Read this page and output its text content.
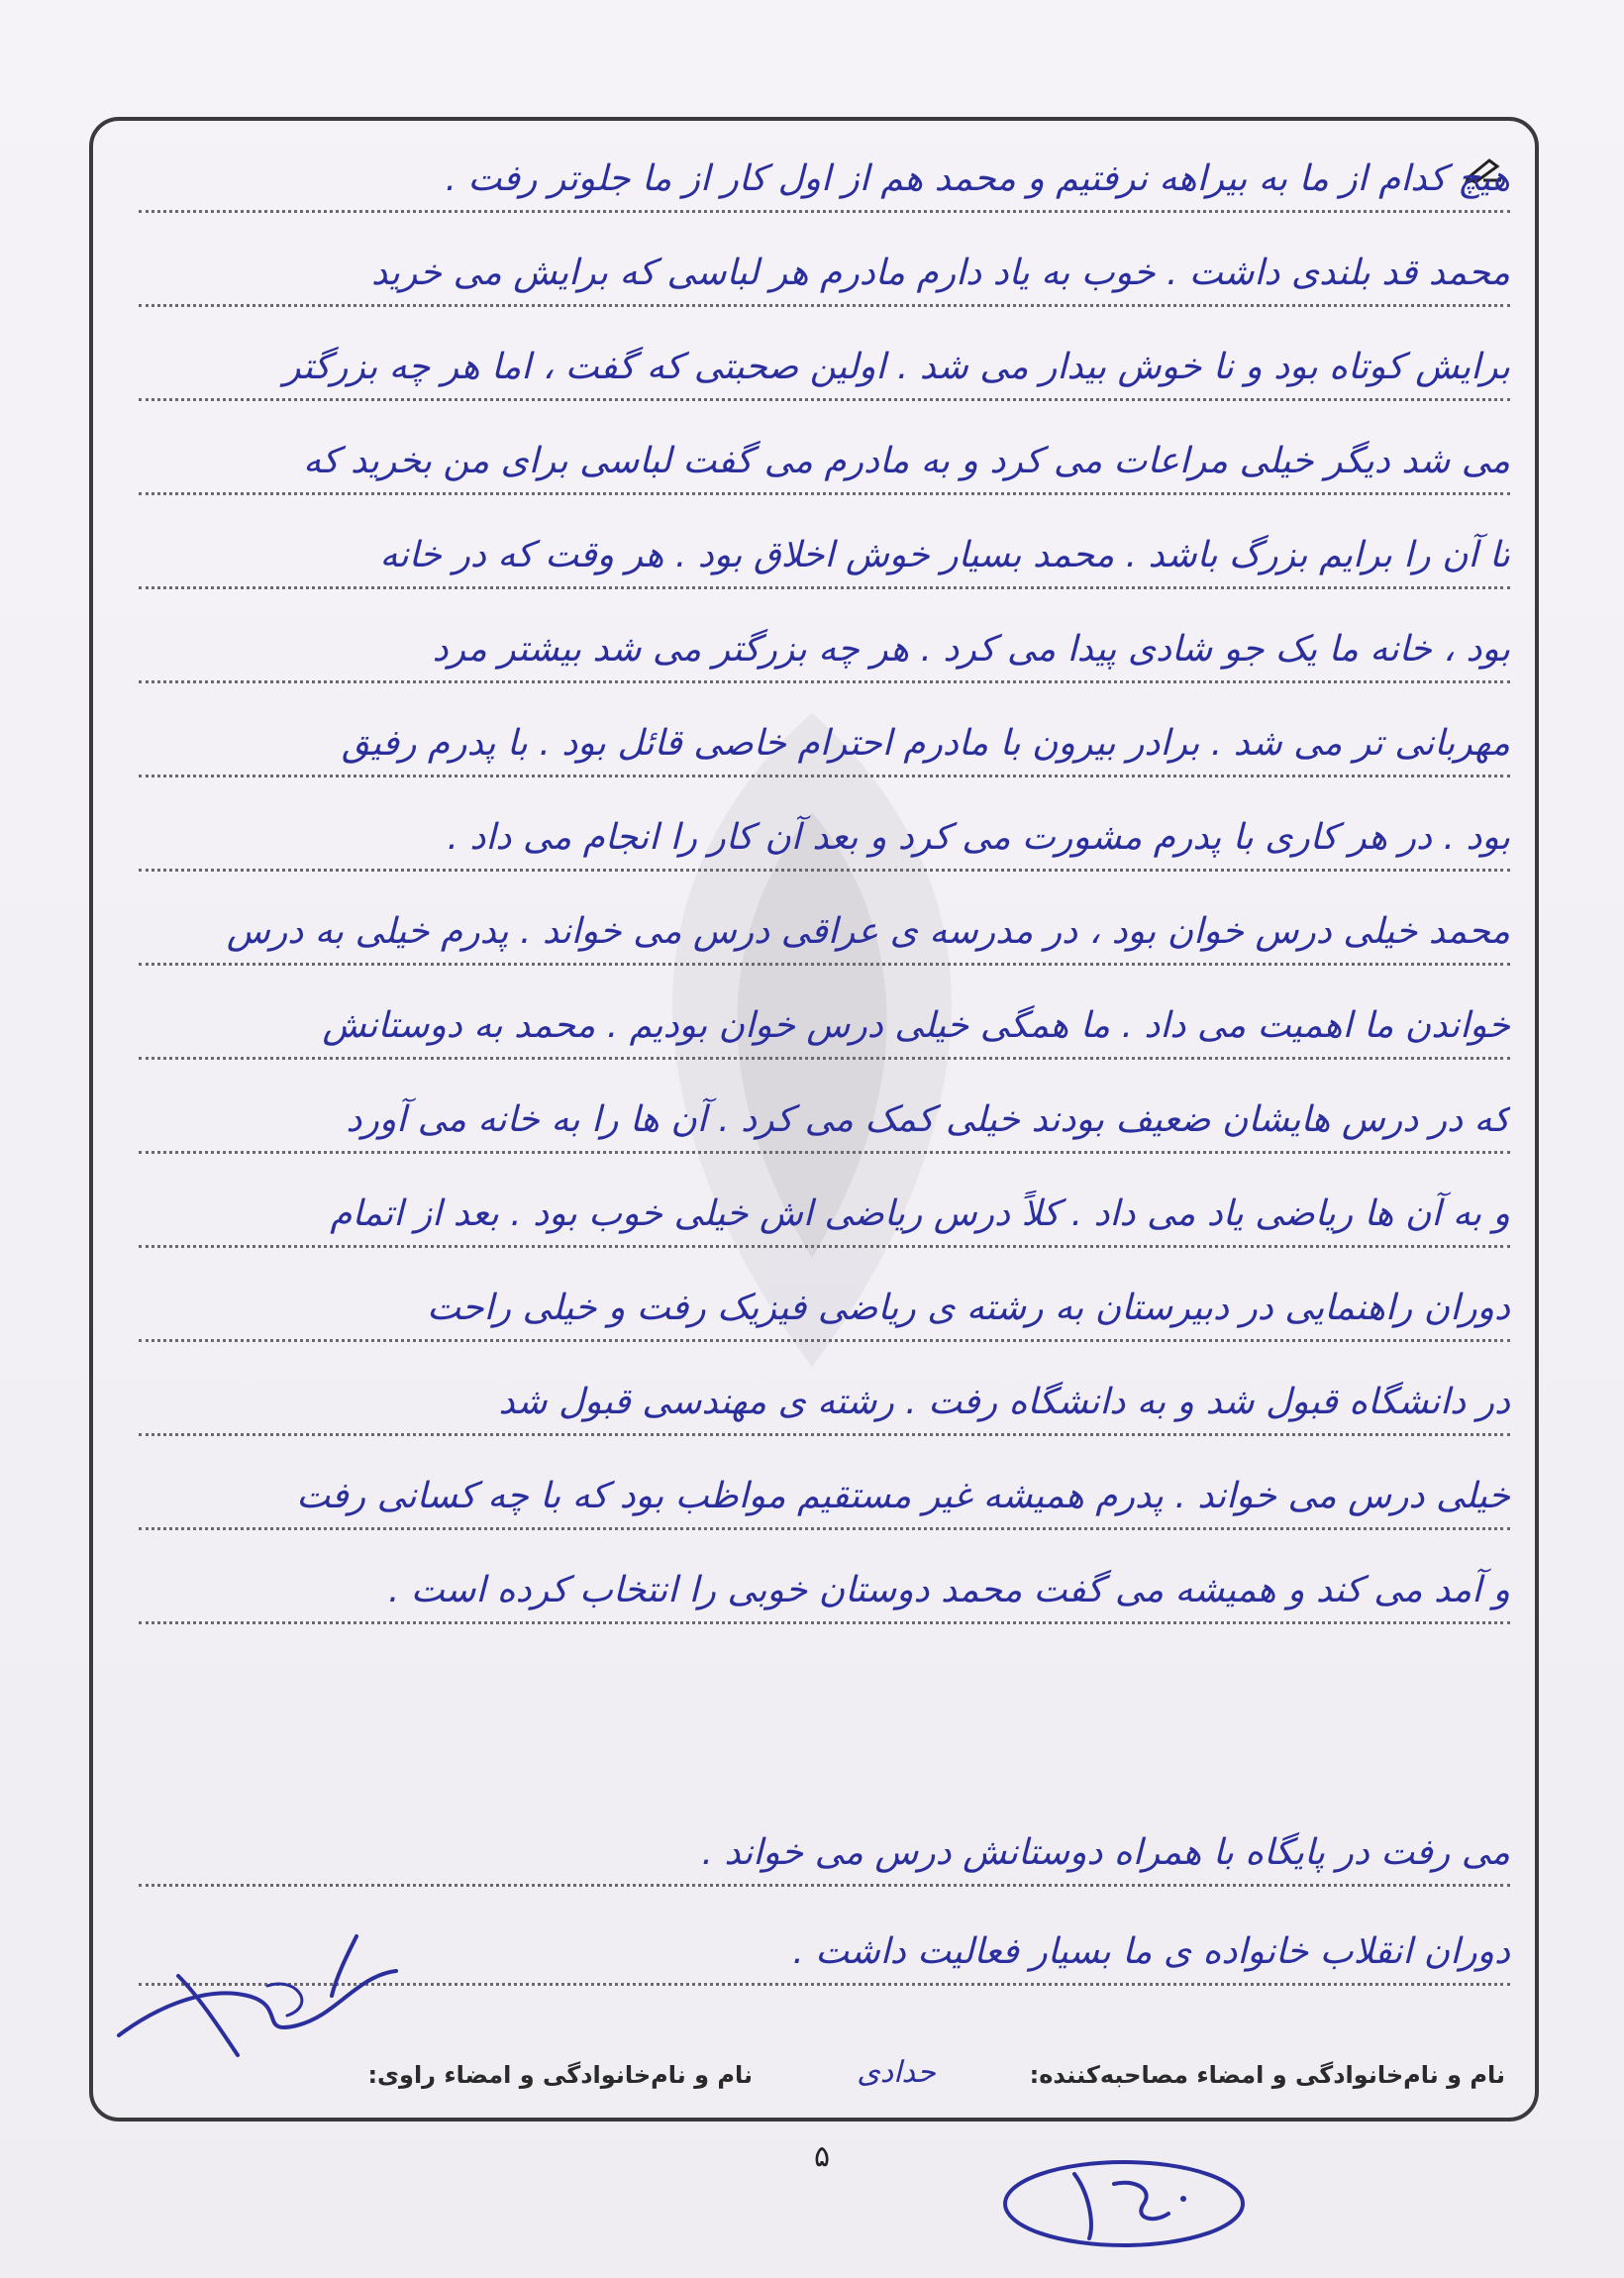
هیچ کدام از ما به بیراهه نرفتیم و محمد هم از اول کار از ما جلوتر رفت .
محمد قد بلندی داشت . خوب به یاد دارم مادرم هر لباسی که برایش می خرید
برایش کوتاه بود و نا خوش بیدار می شد . اولین صحبتی که گفت ، اما هر چه بزرگتر
می شد دیگر خیلی مراعات می کرد و به مادرم می گفت لباسی برای من بخرید که
تا آن را برایم بزرگ باشد . محمد بسیار خوش اخلاق بود . هر وقت که در خانه
بود ، خانه ما یک جو شادی پیدا می کرد . هر چه بزرگتر می شد بیشتر مرد
مهربانی تر می شد . برادر بیرون با مادرم احترام خاصی قائل بود . با پدرم رفیق
بود . در هر کاری با پدرم مشورت می کرد و بعد آن کار را انجام می داد .
محمد خیلی درس خوان بود ، در مدرسه ی عراقی درس می خواند . پدرم خیلی به درس
خواندن ما اهمیت می داد . ما همگی خیلی درس خوان بودیم . محمد به دوستانش
که در درس هایشان ضعیف بودند خیلی کمک می کرد . آن ها را به خانه می آورد
و به آن ها ریاضی یاد می داد . کلاً درس ریاضی اش خیلی خوب بود . بعد از اتمام
دوران راهنمایی در دبیرستان به رشته ی ریاضی فیزیک رفت و خیلی راحت
در دانشگاه قبول شد و به دانشگاه رفت . رشته ی مهندسی قبول شد
خیلی درس می خواند . پدرم همیشه غیر مستقیم مواظب بود که با چه کسانی رفت
و آمد می کند و همیشه می گفت محمد دوستان خوبی را انتخاب کرده است .
می رفت در پایگاه با همراه دوستانش درس می خواند .
دوران انقلاب خانواده ی ما بسیار فعالیت داشت .
نام و نام‌خانوادگی و امضاء مصاحبه‌کننده:
حدادی
نام و نام‌خانوادگی و امضاء راوی:
۵
